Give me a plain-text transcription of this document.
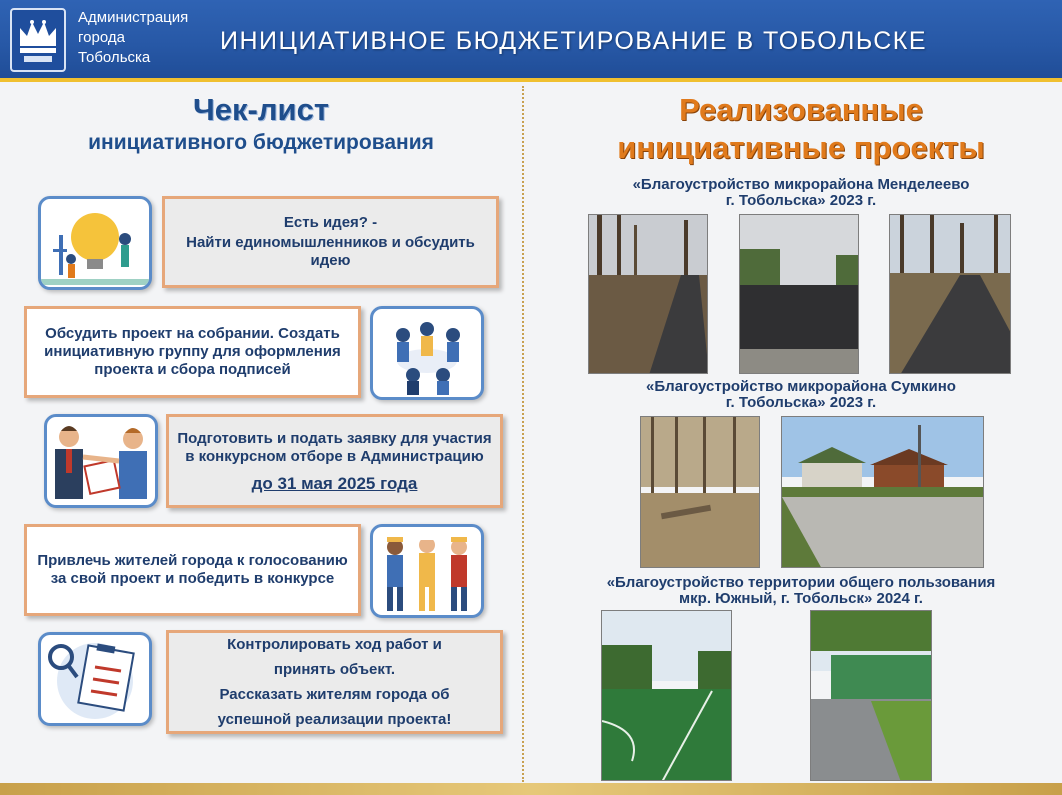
Администрация
города
Тобольска
ИНИЦИАТИВНОЕ БЮДЖЕТИРОВАНИЕ В ТОБОЛЬСКЕ
Чек-лист
инициативного бюджетирования

Есть идея? -

Найти единомышленников и обсудить идею

Обсудить проект на собрании. Создать инициативную группу для оформления проекта и сбора подписей

Подготовить и подать заявку для участия в конкурсном отборе в Администрацию

до 31 мая 2025 года

Привлечь жителей города к голосованию за свой проект и победить в конкурсе

Контролировать ход работ и

принять объект.

Рассказать жителям города об

успешной реализации проекта!

Реализованные
инициативные проекты
«Благоустройство микрорайона Менделеево
г. Тобольска» 2023 г.
«Благоустройство микрорайона Сумкино
г. Тобольска» 2023 г.
«Благоустройство территории общего пользования
мкр. Южный, г. Тобольск» 2024 г.
